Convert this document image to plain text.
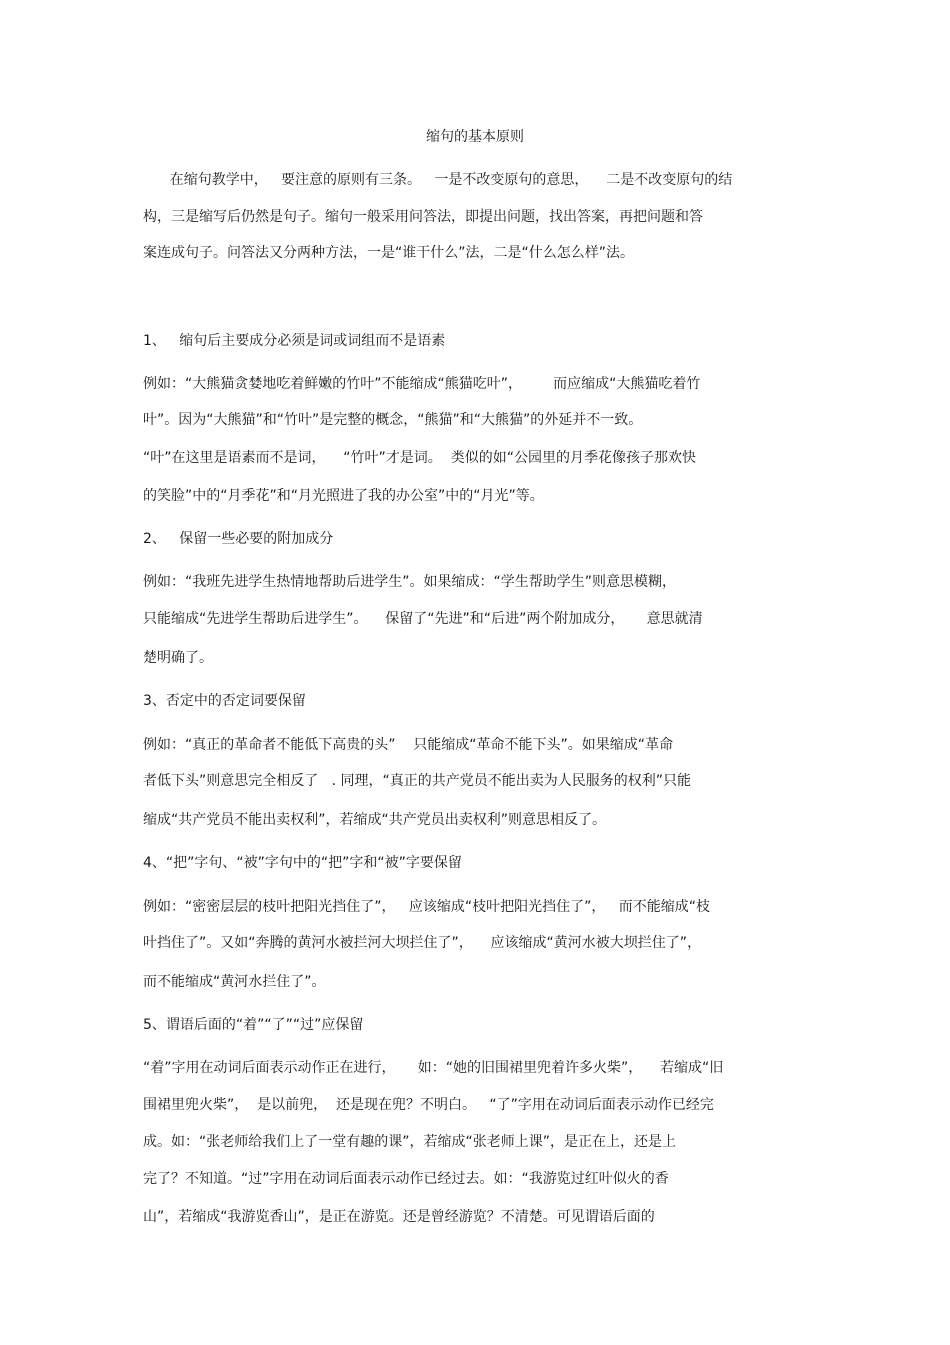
缩句的基本原则
在缩句教学中，   要注意的原则有三条。   一是不改变原句的意思，    二是不改变原句的结
构，三是缩写后仍然是句子。缩句一般采用问答法，即提出问题，找出答案，再把问题和答
案连成句子。问答法又分两种方法，一是“谁干什么”法，二是“什么怎么样”法。
1、   缩句后主要成分必须是词或词组而不是语素
例如：“大熊猫贪婪地吃着鲜嫩的竹叶”不能缩成“熊猫吃叶”，       而应缩成“大熊猫吃着竹
叶”。因为“大熊猫”和“竹叶”是完整的概念，“熊猫”和“大熊猫”的外延并不一致。
“叶”在这里是语素而不是词，    “竹叶”才是词。  类似的如“公园里的月季花像孩子那欢快
的笑脸”中的“月季花”和“月光照进了我的办公室”中的“月光”等。
2、   保留一些必要的附加成分
例如：“我班先进学生热情地帮助后进学生”。如果缩成：“学生帮助学生”则意思模糊，
只能缩成“先进学生帮助后进学生”。    保留了“先进”和“后进”两个附加成分，     意思就清
楚明确了。
3、否定中的否定词要保留
例如：“真正的革命者不能低下高贵的头”    只能缩成“革命不能下头”。如果缩成“革命
者低下头”则意思完全相反了   . 同理，“真正的共产党员不能出卖为人民服务的权利”只能
缩成“共产党员不能出卖权利”，若缩成“共产党员出卖权利”则意思相反了。
4、“把”字句、“被”字句中的“把”字和“被”字要保留
例如：“密密层层的枝叶把阳光挡住了”，   应该缩成“枝叶把阳光挡住了”，   而不能缩成“枝
叶挡住了”。又如“奔腾的黄河水被拦河大坝拦住了”，    应该缩成“黄河水被大坝拦住了”，
而不能缩成“黄河水拦住了”。
5、谓语后面的“着”“了”“过”应保留
“着”字用在动词后面表示动作正在进行，     如：“她的旧围裙里兜着许多火柴”，    若缩成“旧
围裙里兜火柴”，  是以前兜，  还是现在兜？不明白。   “了”字用在动词后面表示动作已经完
成。如：“张老师给我们上了一堂有趣的课”，若缩成“张老师上课”，是正在上，还是上
完了？不知道。“过”字用在动词后面表示动作已经过去。如：“我游览过红叶似火的香
山”，若缩成“我游览香山”，是正在游览。还是曾经游览？不清楚。可见谓语后面的
